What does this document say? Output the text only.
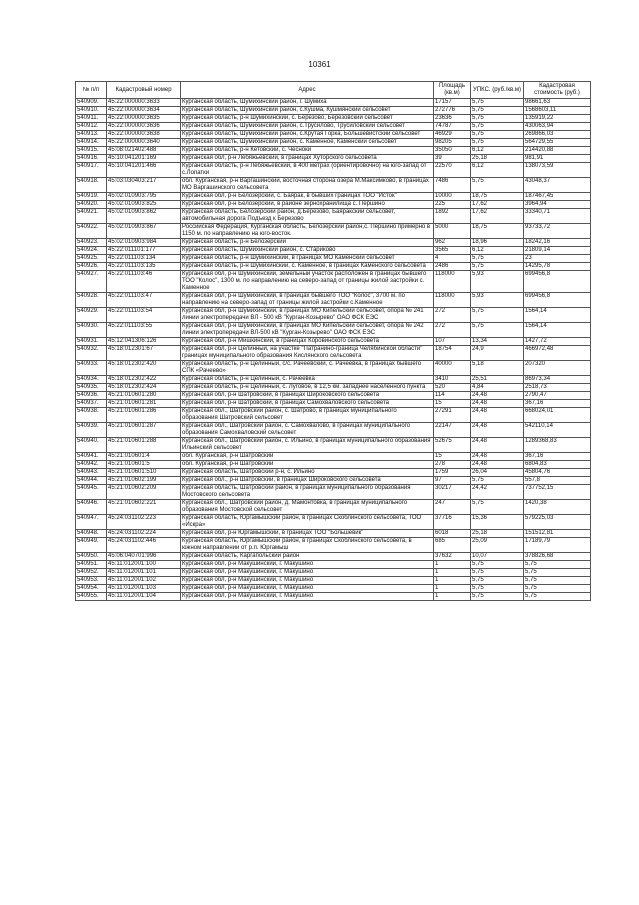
10361
№ п/п	Кадастровый номер	Адрес	Площадь (кв.м)	УПКС. (руб./кв.м)	Кадастровая стоимость (руб.)
540909.	45:22:000000:3633	Курганская область, Шумихинский район, г. Шумиха	17157	5,75	98661,63
540910.	45:22:000000:3634	Курганская область, Шумихинский район, с.Кушма, Кушмянский сельсовет	272776	5,75	1568603,11
540911.	45:22:000000:3635	Курганская область, р-н Шумихинский, с. Березово, Березовский сельсовет	23636	5,75	135919,22
540912.	45:22:000000:3636	Курганская область, Шумихинский район, с.Трусилово, Трусиловский сельсовет	74787	5,75	430063,94
540913.	45:22:000000:3638	Курганская область, Шумихинский район, с.Крутая Горка, Большевистский сельсовет	46929	5,75	269866,03
540914.	45:22:000000:3640	Курганская область, Шумихинский район, с. Каменное, Каменский сельсовет	98205	5,75	564729,55
540915.	45:08:021402:488	Курганская область, р-н Кетовский, с. Чесноки	35050	6,12	214420,88
540916.	45:10:041201:169	Курганская обл, р-н Лебяжьевский, в границах Хуторского сельсовета	39	25,18	981,91
540917.	45:10:041201:466	Курганская область, р-н Лебяжьевский, в 400 метрах (ориентировочно) на юго-запад от с.Лопатки	22570	6,12	138073,59
540918.	45:03:030403:217	обл. Курганская, р-н Варгашинский, восточная сторона озера М.Максимково, в границах МО Варгашинского сельсовета	7486	5,75	43048,37
540919.	45:02:010903:795	Курганская обл, р-н Белозерский, с. Баярак, в бывших границах ТОО "Исток"	10000	18,75	187467,45
540920.	45:02:010903:825	Курганская обл, р-н Белозерский, в районе зернохранилища с. Першино	225	17,62	3964,94
540921.	45:02:010903:862	Курганская область, Белозерский район, д.Березово, Баяракский сельсовет, автомобильная дорога Подъезд к Березово	1892	17,62	33340,71
540922.	45:02:010903:867	Российская Федерация, Курганская область, Белозерский район,с. Першино примерно в 1150 м. по направлению на юго-восток.	5000	18,75	93733,72
540923.	45:02:010903:984	Курганская область, р-н Белозерский	962	18,96	18242,16
540924.	45:22:011101:177	Курганская область, Шумихинский район, с. Стариково	3565	6,12	21809,14
540925.	45:22:011103:134	Курганская область, р-н Шумихинский, в границах МО Каменский сельсовет	4	5,75	23
540926.	45:22:011103:135	Курганская область, р-н Шумихинский, с. Каменное, в границах Каменского сельсовета	2486	5,75	14295,78
540927.	45:22:011103:46	Курганская обл, р-н Шумихинский, земельный участок расположен в границах бывшего ТОО "Колос", 1300 м. по направлению на северо-запад от границы жилой застройки с. Каменное	118000	5,93	699456,8
540928.	45:22:011103:47	Курганская обл, р-н Шумихинский, в границах бывшего ТОО "Колос", 3700 м. по направлению на северо-запад от границы жилой застройки с.Каменное	118000	5,93	699456,8
540929.	45:22:011103:54	Курганская обл, р-н Шумихинский, в границах МО Кипельский сельсовет, опора № 241 линии электропередачи ВЛ - 500 кВ "Курган-Козырево" ОАО ФСК ЕЭС	272	5,75	1564,14
540930.	45:22:011103:55	Курганская обл, р-н Шумихинский, в границах МО Кипельский сельсовет, опора № 242 линии электропередачи ВЛ-500 кВ "Курган-Козырево" ОАО ФСК ЕЭС	272	5,75	1564,14
540931.	45:12:041306:126	Курганская обл, р-н Мишкинский, в границах Коровинского сельсовета	107	13,34	1427,72
540932.	45:18:012301:67	Курганская обл, р-н Целинный, на участке "Патранино-граница Челябинской области" границах муниципального образования Кислянского сельсовета	18754	24,9	466972,48
540933.	45:18:012302:420	Курганская область, р-н Целинный, с/с. Рачеевский, с. Рачеевка, в границах бывшего СПК «Рачеево»	40000	5,18	207320
540934.	45:18:012302:422	Курганская область, р-н Целинный, с. Рачеевка	3410	25,51	86973,34
540935.	45:18:012302:424	Курганская область, р-н Целинный, с. Луговое, в 12,5 км. западнее населенного пункта	520	4,84	2518,73
540936.	45:21:010601:280	Курганская обл, р-н Шатровский, в границах Широковского сельсовета	114	24,48	2790,47
540937.	45:21:010601:281	Курганская обл, р-н Шатровский, в границах Самохваловского сельсовета	15	24,48	367,16
540938.	45:21:010601:286	Курганская обл., Шатровский район, с. Шатрово, в границах муниципального образования Шатровский сельсовет	27291	24,48	668024,01
540939.	45:21:010601:287	Курганская обл., Шатровский район, с. Самохвалово, в границах муниципального образования Самохваловский сельсовет	22147	24,48	542110,14
540940.	45:21:010601:288	Курганская обл., Шатровский район, с. Ильино, в границах муниципального образования Ильинский сельсовет	52675	24,48	1289368,83
540941.	45:21:010601:4	обл. Курганская, р-н Шатровский	15	24,48	367,16
540942.	45:21:010601:5	обл. Курганская, р-н Шатровский	278	24,48	6804,83
540943.	45:21:010601:510	Курганская область, Шатровский р-н, с. Ильино	1759	26,04	45804,76
540944.	45:21:010602:199	Курганская обл., р-н Шатровский, в границах Широковского сельсовета	97	5,75	557,8
540945.	45:21:010602:209	Курганская область, Шатровский район, в границах муниципального образования Мостовского сельсовета	30217	24,42	737752,15
540946.	45:21:010602:221	Курганская обл., Шатровский район, д. Мамонтовка, в границах муниципального образования Мостовской сельсовет	247	5,75	1420,38
540947.	45:24:031102:223	Курганская область, Юргамышский район, в границах Скоблинского сельсовета, ТОО «Искра»	37716	15,36	579225,03
540948.	45:24:031102:224	Курганская обл, р-н Юргамышский, в границах ТОО "Большевик"	6018	25,18	151512,81
540949.	45:24:031102:446	Курганская область, Юргамышский район, в границах Скоблинского сельсовета, в южном направлении от р.п. Юргамыш	685	25,09	17189,79
540950.	45:06:040701:996	Курганская область, Каргапольский район	37632	10,07	378826,68
540951.	45:11:012001:100	Курганская обл, р-н Макушинский, г. Макушино	1	5,75	5,75
540952.	45:11:012001:101	Курганская обл, р-н Макушинский, г. Макушино	1	5,75	5,75
540953.	45:11:012001:102	Курганская обл, р-н Макушинский, г. Макушино	1	5,75	5,75
540954.	45:11:012001:103	Курганская обл, р-н Макушинский, г. Макушино	1	5,75	5,75
540955.	45:11:012001:104	Курганская обл, р-н Макушинский, г. Макушино	1	5,75	5,75
